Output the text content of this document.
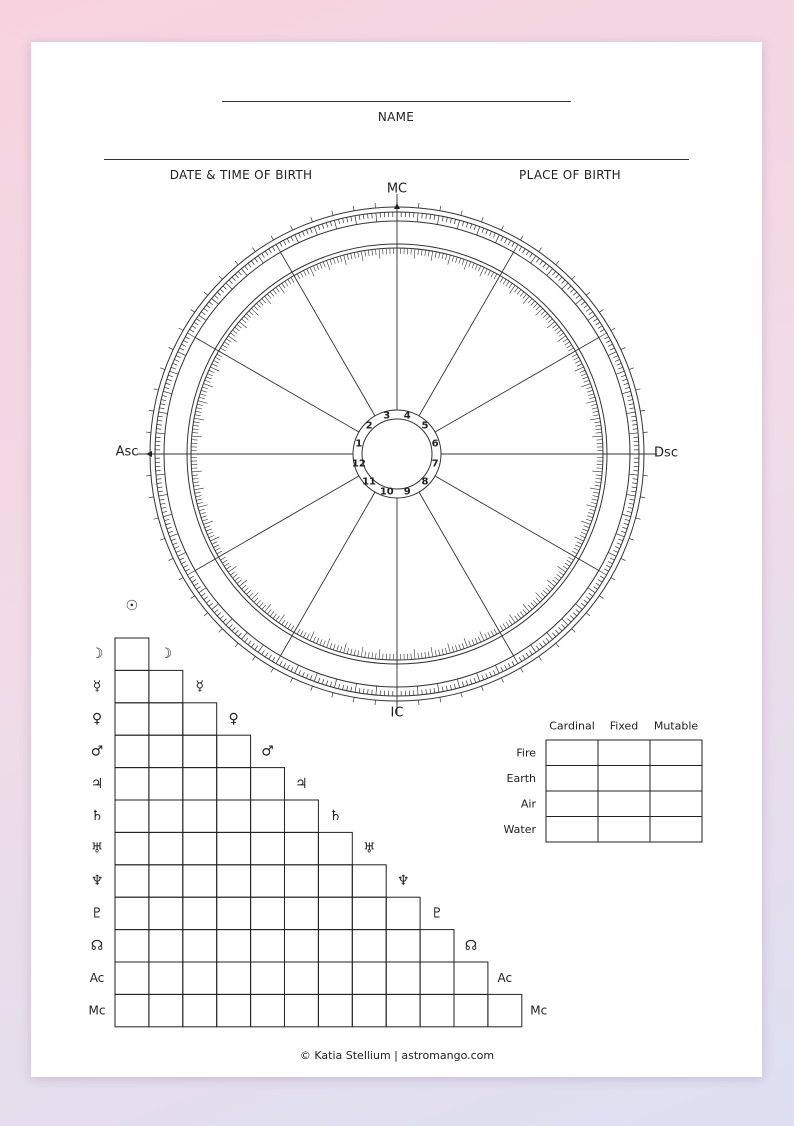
NAME
DATE & TIME OF BIRTH	PLACE OF BIRTH
1
2
3 4
5
6
7
8
9
10
11
12
MC
IC
Asc	Dsc
☽
☿
♀
♂
♃
♄
♅
♆
♇
☊
Ac
Mc
☉
☽
☿
♀
♂
♃
♄
♅
♆
♇
☊
Ac
Mc
Cardinal Fixed Mutable
Fire
Earth
Air
Water
© Katia Stellium | astromango.com
